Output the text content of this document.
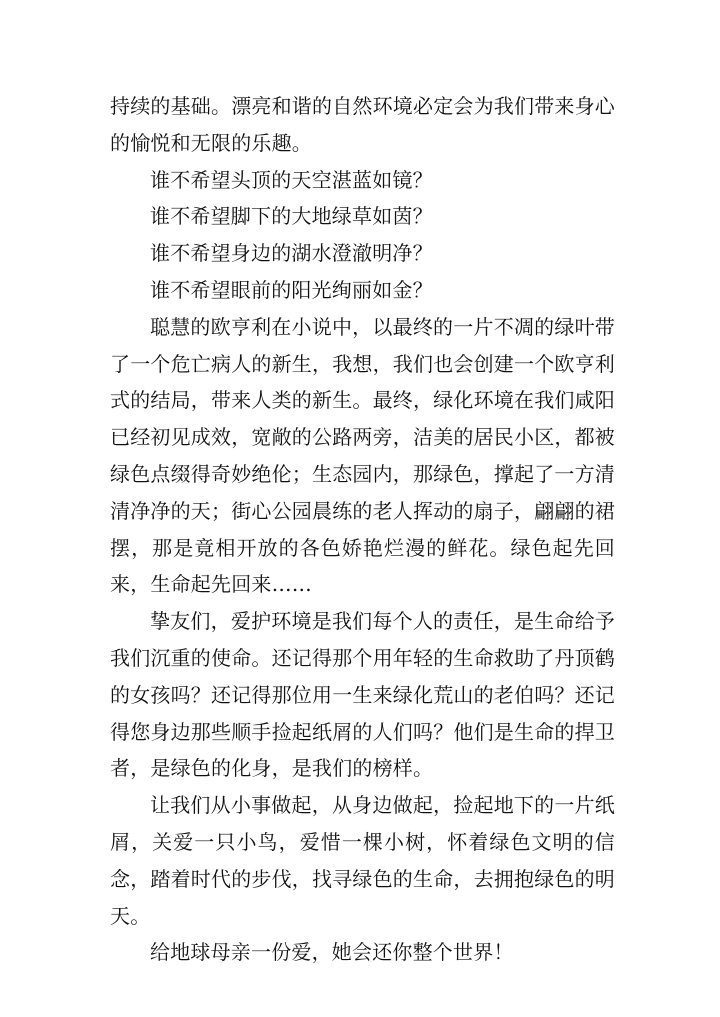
持续的基础。漂亮和谐的自然环境必定会为我们带来身心的愉悦和无限的乐趣。

谁不希望头顶的天空湛蓝如镜？

谁不希望脚下的大地绿草如茵？

谁不希望身边的湖水澄澈明净？

谁不希望眼前的阳光绚丽如金？

聪慧的欧亨利在小说中，以最终的一片不凋的绿叶带了一个危亡病人的新生，我想，我们也会创建一个欧亨利式的结局，带来人类的新生。最终，绿化环境在我们咸阳已经初见成效，宽敞的公路两旁，洁美的居民小区，都被绿色点缀得奇妙绝伦；生态园内，那绿色，撑起了一方清清净净的天；街心公园晨练的老人挥动的扇子，翩翩的裙摆，那是竟相开放的各色娇艳烂漫的鲜花。绿色起先回来，生命起先回来……

挚友们，爱护环境是我们每个人的责任，是生命给予我们沉重的使命。还记得那个用年轻的生命救助了丹顶鹤的女孩吗？还记得那位用一生来绿化荒山的老伯吗？还记得您身边那些顺手捡起纸屑的人们吗？他们是生命的捍卫者，是绿色的化身，是我们的榜样。

让我们从小事做起，从身边做起，捡起地下的一片纸屑，关爱一只小鸟，爱惜一棵小树，怀着绿色文明的信念，踏着时代的步伐，找寻绿色的生命，去拥抱绿色的明天。

给地球母亲一份爱，她会还你整个世界！
